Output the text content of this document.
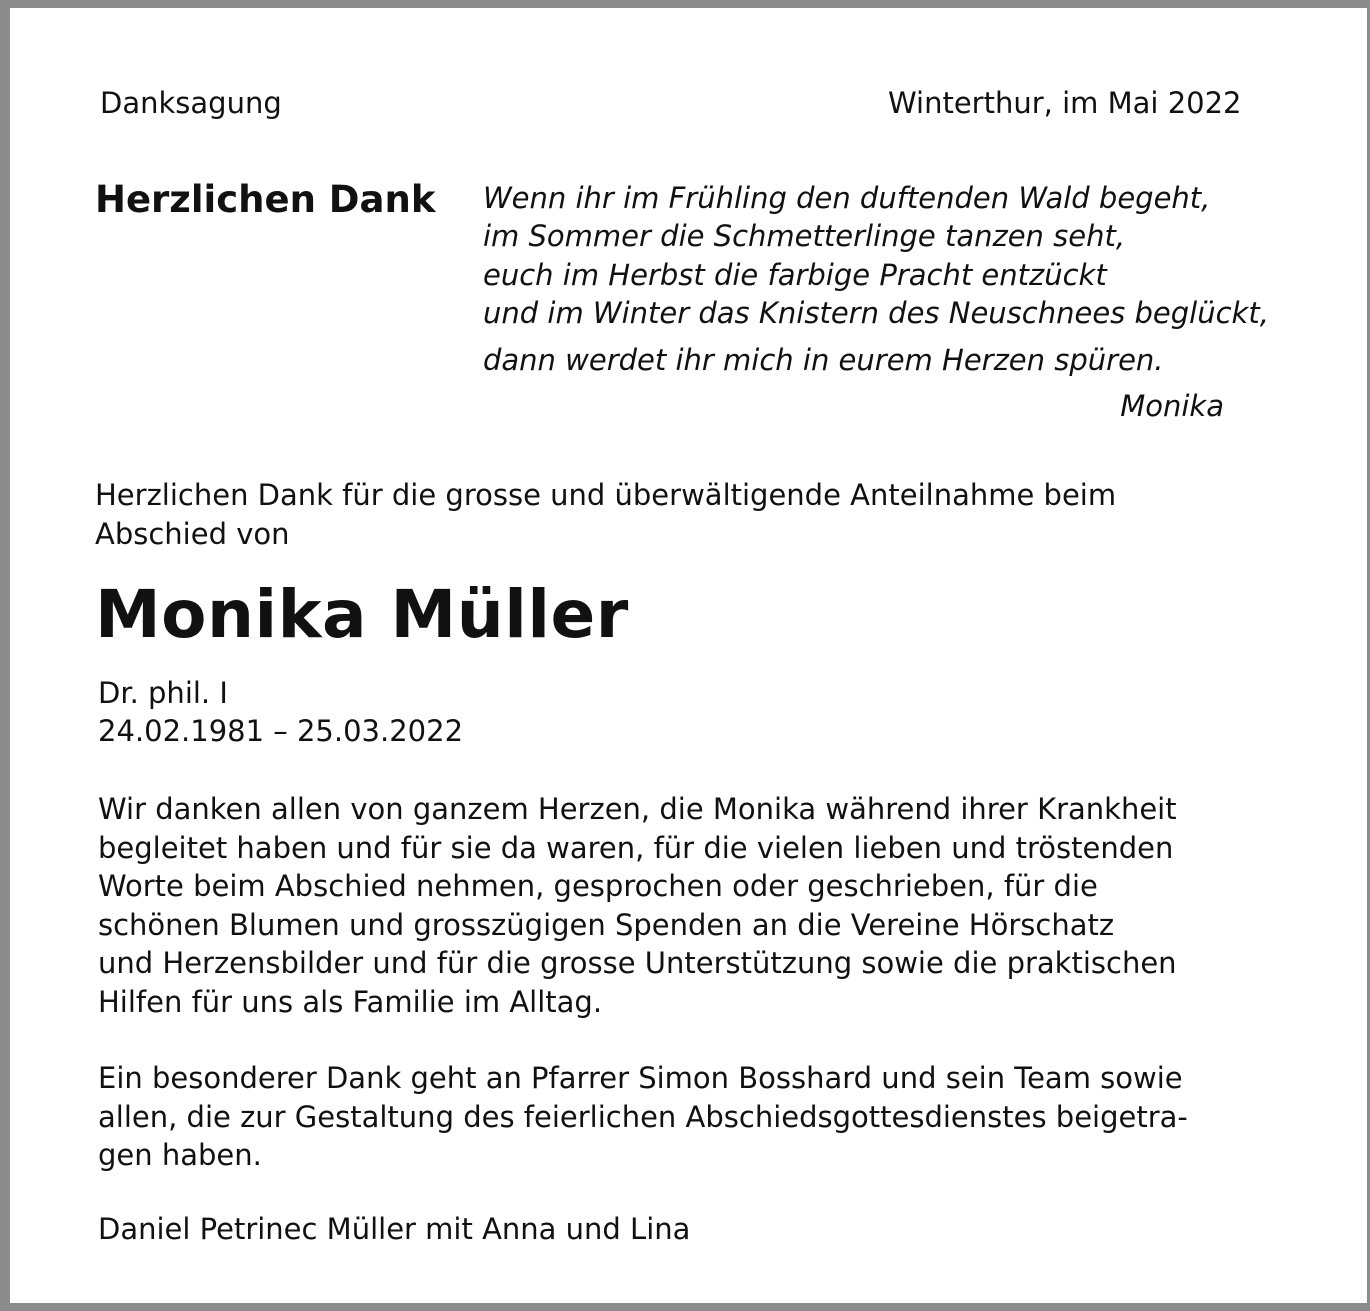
Danksagung	Winterthur, im Mai 2022

Herzlichen Dank Wenn ihr im Frühling den duftenden Wald begeht,

im Sommer die Schmetterlinge tanzen seht,

euch im Herbst die farbige Pracht entzückt

und im Winter das Knistern des Neuschnees beglückt,

dann werdet ihr mich in eurem Herzen spüren.

Monika

Herzlichen Dank für die grosse und überwältigende Anteilnahme beim
Abschied von
Monika Müller

Dr. phil. I

24.02.1981 – 25.03.2022

Wir danken allen von ganzem Herzen, die Monika während ihrer Krankheit
begleitet haben und für sie da waren, für die vielen lieben und tröstenden
Worte beim Abschied nehmen, gesprochen oder geschrieben, für die
schönen Blumen und grosszügigen Spenden an die Vereine Hörschatz
und Herzensbilder und für die grosse Unterstützung sowie die praktischen
Hilfen für uns als Familie im Alltag.
Ein besonderer Dank geht an Pfarrer Simon Bosshard und sein Team sowie
allen, die zur Gestaltung des feierlichen Abschiedsgottesdienstes beigetra-
gen haben.

Daniel Petrinec Müller mit Anna und Lina
